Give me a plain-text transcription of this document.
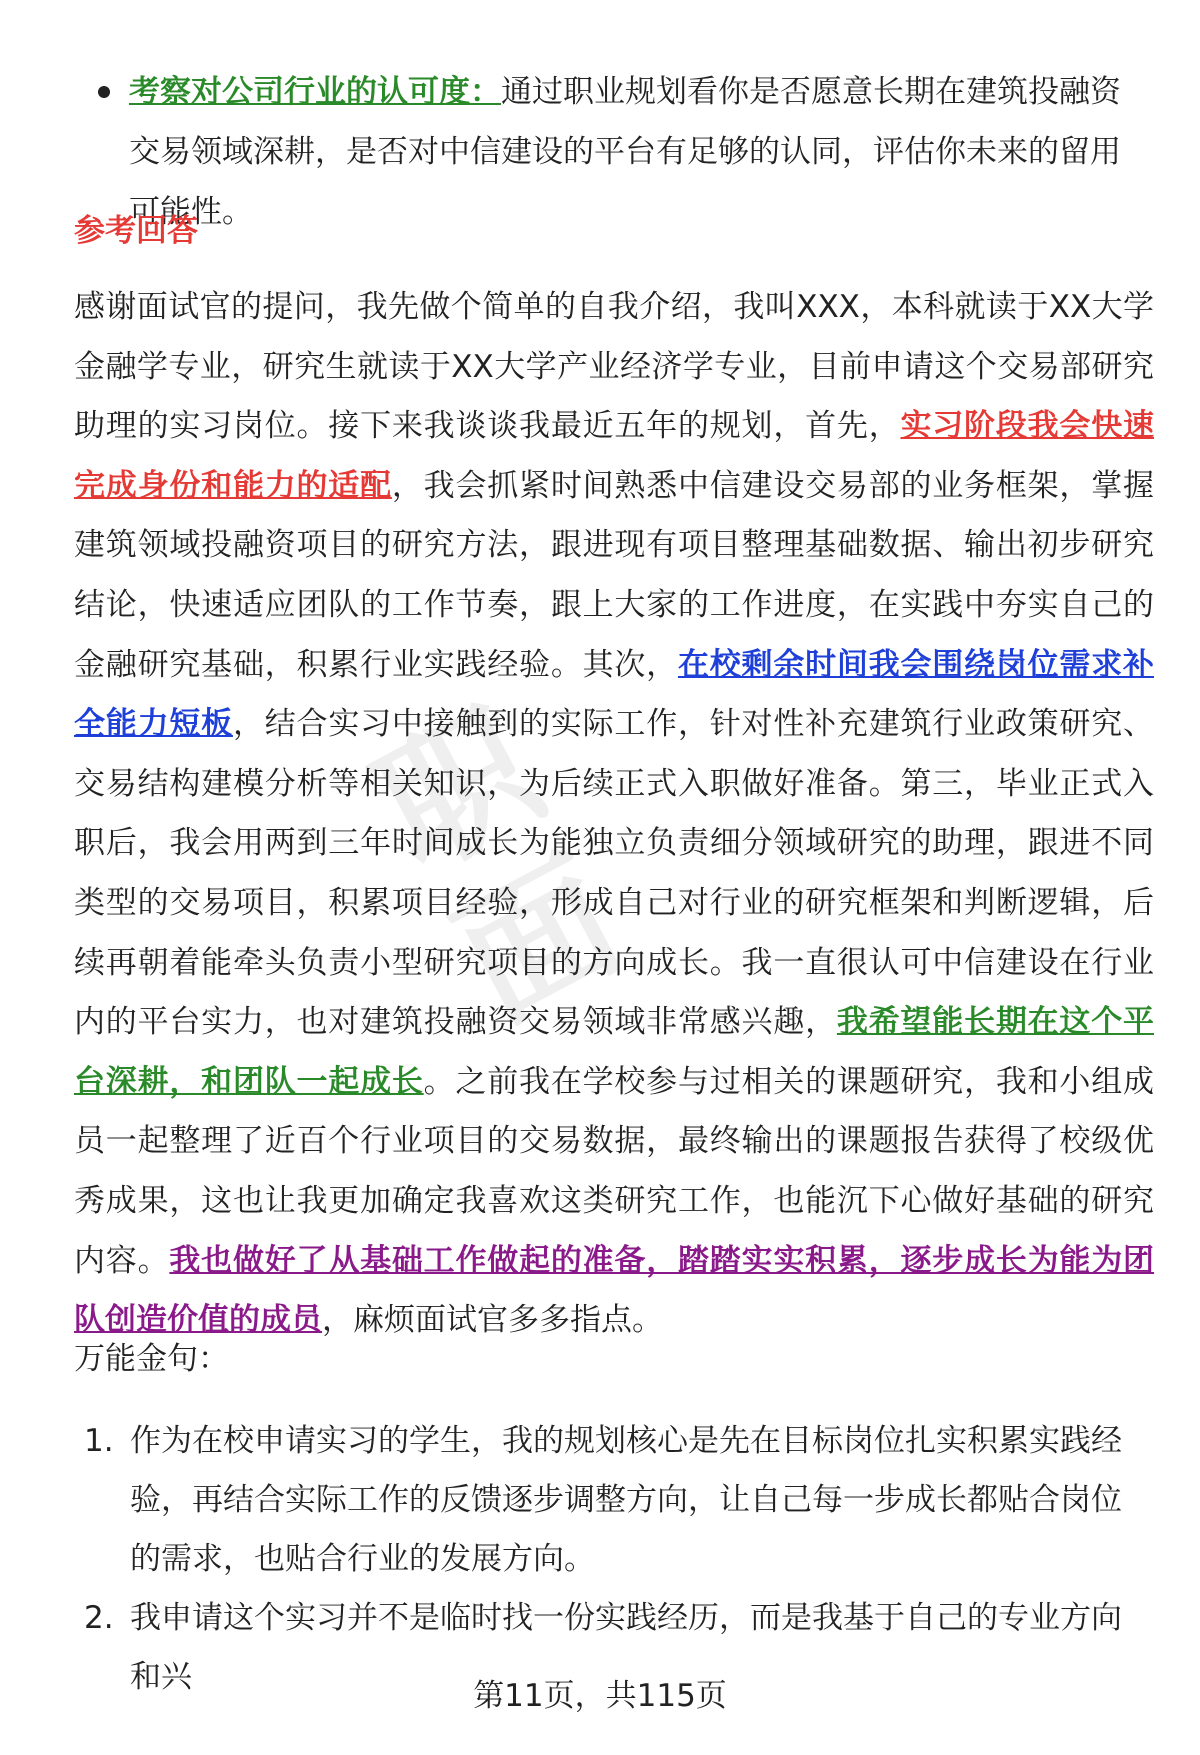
职
面
考察对公司行业的认可度：通过职业规划看你是否愿意长期在建筑投融资交易领域深耕，是否对中信建设的平台有足够的认同，评估你未来的留用可能性。
参考回答
感谢面试官的提问，我先做个简单的自我介绍，我叫XXX，本科就读于XX大学金融学专业，研究生就读于XX大学产业经济学专业，目前申请这个交易部研究助理的实习岗位。接下来我谈谈我最近五年的规划，首先，实习阶段我会快速完成身份和能力的适配，我会抓紧时间熟悉中信建设交易部的业务框架，掌握建筑领域投融资项目的研究方法，跟进现有项目整理基础数据、输出初步研究结论，快速适应团队的工作节奏，跟上大家的工作进度，在实践中夯实自己的金融研究基础，积累行业实践经验。其次，在校剩余时间我会围绕岗位需求补全能力短板，结合实习中接触到的实际工作，针对性补充建筑行业政策研究、交易结构建模分析等相关知识，为后续正式入职做好准备。第三，毕业正式入职后，我会用两到三年时间成长为能独立负责细分领域研究的助理，跟进不同类型的交易项目，积累项目经验，形成自己对行业的研究框架和判断逻辑，后续再朝着能牵头负责小型研究项目的方向成长。我一直很认可中信建设在行业内的平台实力，也对建筑投融资交易领域非常感兴趣，我希望能长期在这个平台深耕，和团队一起成长。之前我在学校参与过相关的课题研究，我和小组成员一起整理了近百个行业项目的交易数据，最终输出的课题报告获得了校级优秀成果，这也让我更加确定我喜欢这类研究工作，也能沉下心做好基础的研究内容。我也做好了从基础工作做起的准备，踏踏实实积累，逐步成长为能为团队创造价值的成员，麻烦面试官多多指点。
万能金句：
1. 作为在校申请实习的学生，我的规划核心是先在目标岗位扎实积累实践经验，再结合实际工作的反馈逐步调整方向，让自己每一步成长都贴合岗位的需求，也贴合行业的发展方向。
2. 我申请这个实习并不是临时找一份实践经历，而是我基于自己的专业方向和兴
第11页，共115页
